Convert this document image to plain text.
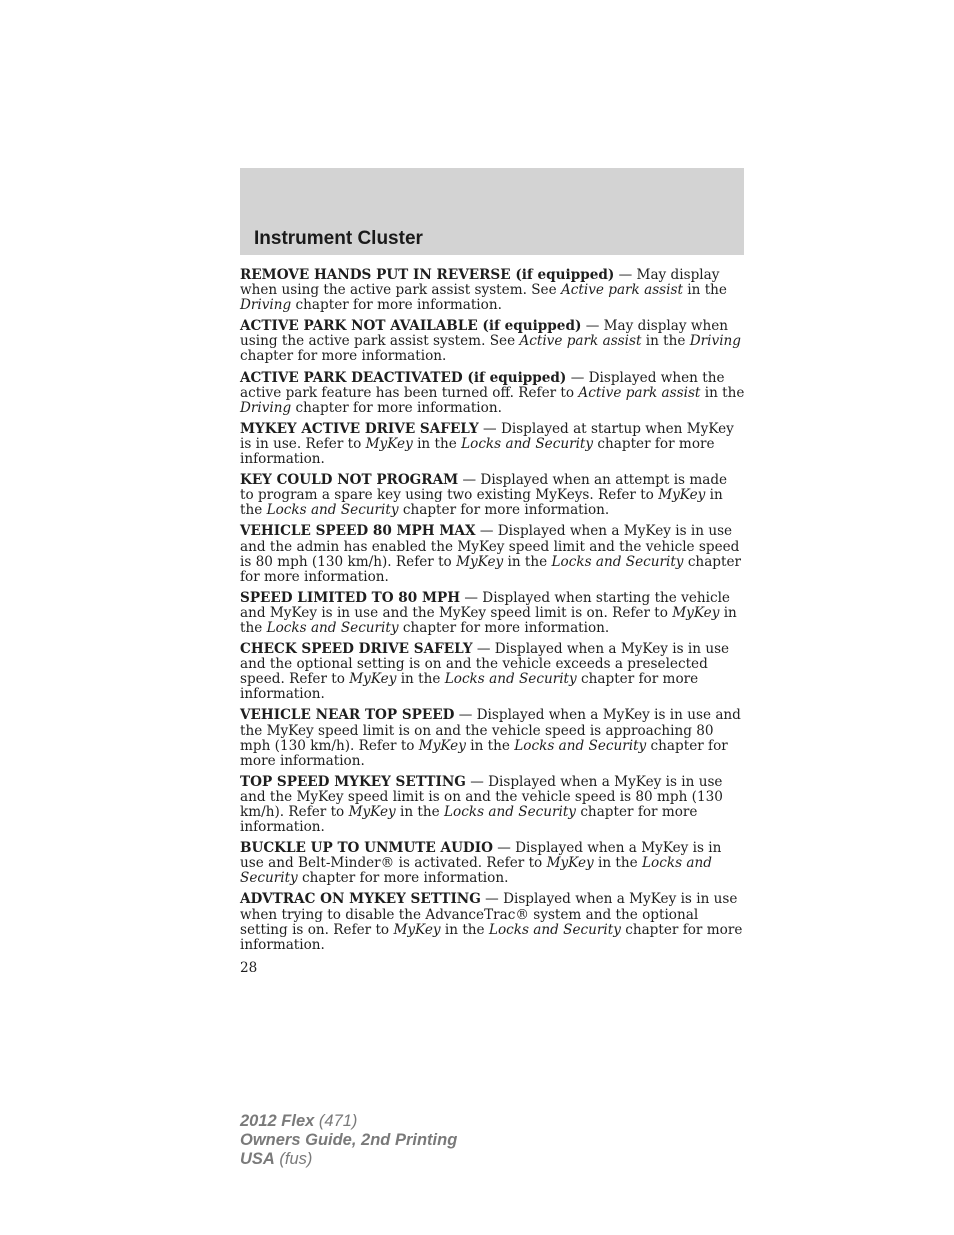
Instrument Cluster

REMOVE HANDS PUT IN REVERSE (if equipped) — May display when using the active park assist system. See Active park assist in the Driving chapter for more information.

ACTIVE PARK NOT AVAILABLE (if equipped) — May display when using the active park assist system. See Active park assist in the Driving chapter for more information.

ACTIVE PARK DEACTIVATED (if equipped) — Displayed when the active park feature has been turned off. Refer to Active park assist in the Driving chapter for more information.

MYKEY ACTIVE DRIVE SAFELY — Displayed at startup when MyKey is in use. Refer to MyKey in the Locks and Security chapter for more information.

KEY COULD NOT PROGRAM — Displayed when an attempt is made to program a spare key using two existing MyKeys. Refer to MyKey in the Locks and Security chapter for more information.

VEHICLE SPEED 80 MPH MAX — Displayed when a MyKey is in use and the admin has enabled the MyKey speed limit and the vehicle speed is 80 mph (130 km/h). Refer to MyKey in the Locks and Security chapter for more information.

SPEED LIMITED TO 80 MPH — Displayed when starting the vehicle and MyKey is in use and the MyKey speed limit is on. Refer to MyKey in the Locks and Security chapter for more information.

CHECK SPEED DRIVE SAFELY — Displayed when a MyKey is in use and the optional setting is on and the vehicle exceeds a preselected speed. Refer to MyKey in the Locks and Security chapter for more information.

VEHICLE NEAR TOP SPEED — Displayed when a MyKey is in use and the MyKey speed limit is on and the vehicle speed is approaching 80 mph (130 km/h). Refer to MyKey in the Locks and Security chapter for more information.

TOP SPEED MYKEY SETTING — Displayed when a MyKey is in use and the MyKey speed limit is on and the vehicle speed is 80 mph (130 km/h). Refer to MyKey in the Locks and Security chapter for more information.

BUCKLE UP TO UNMUTE AUDIO — Displayed when a MyKey is in use and Belt-Minder® is activated. Refer to MyKey in the Locks and Security chapter for more information.

ADVTRAC ON MYKEY SETTING — Displayed when a MyKey is in use when trying to disable the AdvanceTrac® system and the optional setting is on. Refer to MyKey in the Locks and Security chapter for more information.

28
2012 Flex (471)
Owners Guide, 2nd Printing
USA (fus)
